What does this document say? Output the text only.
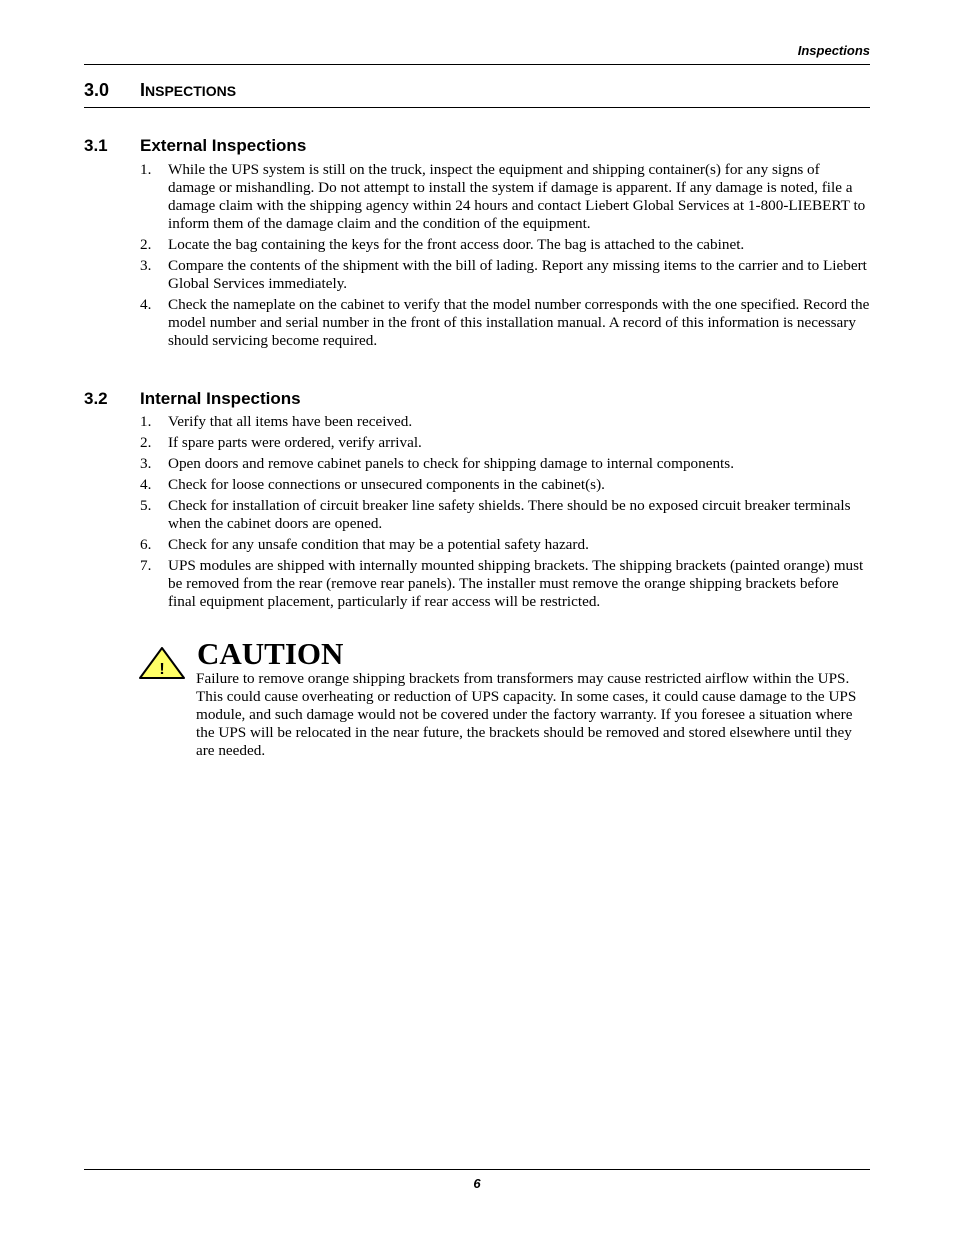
Inspections
3.0 INSPECTIONS
3.1 External Inspections
1. While the UPS system is still on the truck, inspect the equipment and shipping container(s) for any signs of damage or mishandling. Do not attempt to install the system if damage is apparent. If any damage is noted, file a damage claim with the shipping agency within 24 hours and contact Liebert Global Services at 1-800-LIEBERT to inform them of the damage claim and the condition of the equipment.
2. Locate the bag containing the keys for the front access door. The bag is attached to the cabinet.
3. Compare the contents of the shipment with the bill of lading. Report any missing items to the carrier and to Liebert Global Services immediately.
4. Check the nameplate on the cabinet to verify that the model number corresponds with the one specified. Record the model number and serial number in the front of this installation manual. A record of this information is necessary should servicing become required.
3.2 Internal Inspections
1. Verify that all items have been received.
2. If spare parts were ordered, verify arrival.
3. Open doors and remove cabinet panels to check for shipping damage to internal components.
4. Check for loose connections or unsecured components in the cabinet(s).
5. Check for installation of circuit breaker line safety shields. There should be no exposed circuit breaker terminals when the cabinet doors are opened.
6. Check for any unsafe condition that may be a potential safety hazard.
7. UPS modules are shipped with internally mounted shipping brackets. The shipping brackets (painted orange) must be removed from the rear (remove rear panels). The installer must remove the orange shipping brackets before final equipment placement, particularly if rear access will be restricted.
! CAUTION
Failure to remove orange shipping brackets from transformers may cause restricted airflow within the UPS. This could cause overheating or reduction of UPS capacity. In some cases, it could cause damage to the UPS module, and such damage would not be covered under the factory warranty. If you foresee a situation where the UPS will be relocated in the near future, the brackets should be removed and stored elsewhere until they are needed.
6
